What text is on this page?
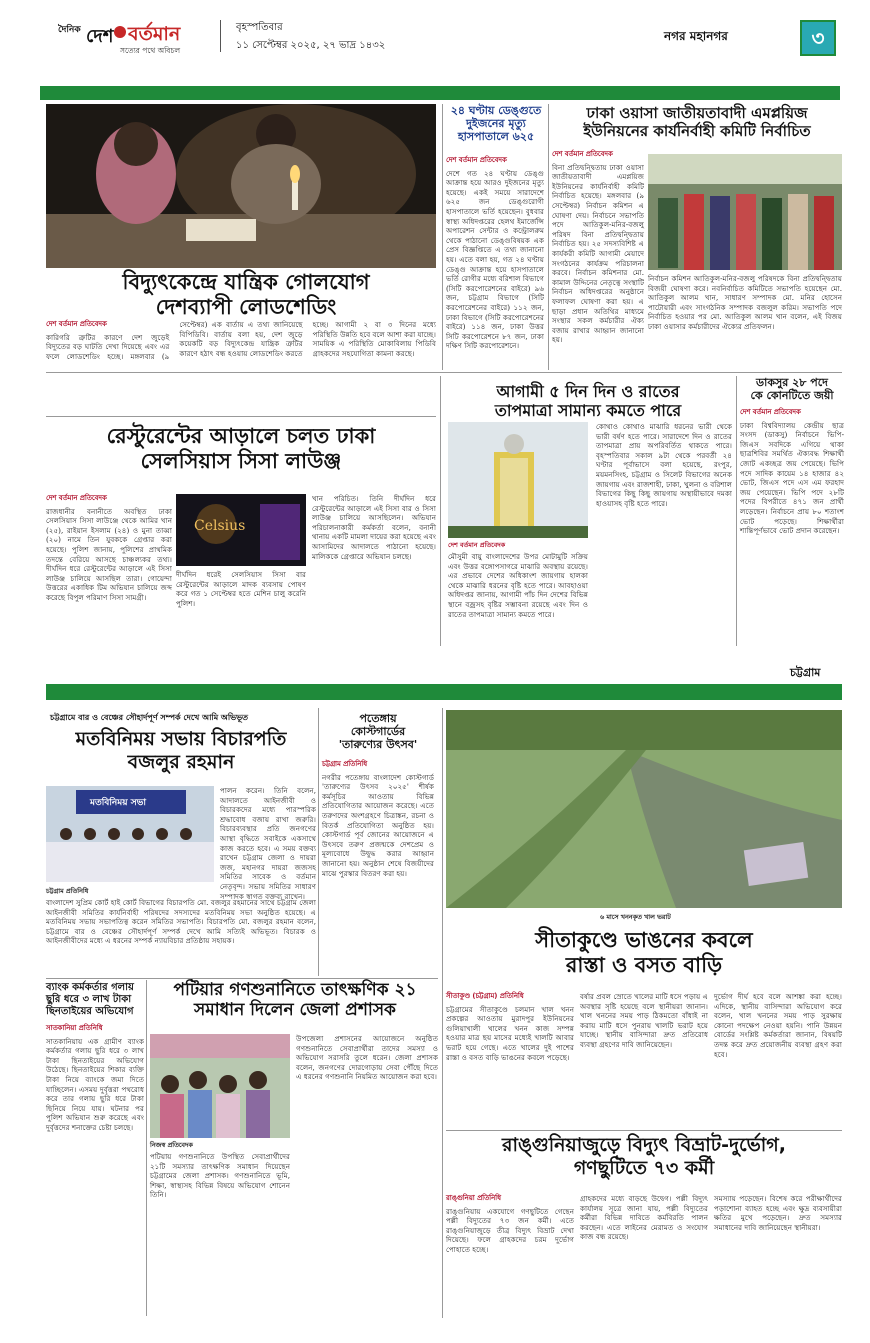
দৈনিক দেশ বর্তমান
সত্যের পথে অবিচল
বৃহস্পতিবার
১১ সেপ্টেম্বর ২০২৫, ২৭ ভাদ্র ১৪৩২
নগর মহানগর	৩
বিদ্যুৎকেন্দ্রে যান্ত্রিক গোলযোগ
দেশব্যাপী লোডশেডিং
দেশ বর্তমান প্রতিবেদক
কারিগরি ত্রুটির কারণে দেশ জুড়েই বিদ্যুতের বড় ঘাটতি দেখা দিয়েছে এবং এর ফলে লোডশেডিং হচ্ছে। মঙ্গলবার (৯ সেপ্টেম্বর) এক বার্তায় এ তথ্য জানিয়েছে বিপিডিবি। বার্তায় বলা হয়, দেশ জুড়ে কয়েকটি বড় বিদ্যুৎকেন্দ্র যান্ত্রিক ত্রুটির কারণে হঠাৎ বন্ধ হওয়ায় লোডশেডিং করতে হচ্ছে। আগামী ২ বা ৩ দিনের মধ্যে পরিস্থিতি উন্নতি হবে বলে আশা করা যাচ্ছে। সাময়িক এ পরিস্থিতি মোকাবিলায় পিডিবি গ্রাহকদের সহযোগিতা কামনা করছে।
২৪ ঘণ্টায় ডেঙ্গুতে
দুইজনের মৃত্যু
হাসপাতালে ৬২৫
দেশ বর্তমান প্রতিবেদক
দেশে গত ২৪ ঘণ্টায় ডেঙ্গু আক্রান্ত হয়ে আরও দুইজনের মৃত্যু হয়েছে। একই সময়ে সারাদেশে ৬২৫ জন ডেঙ্গুরোগী হাসপাতালে ভর্তি হয়েছেন। বুধবার স্বাস্থ্য অধিদপ্তরের হেলথ ইমার্জেন্সি অপারেশন সেন্টার ও কন্ট্রোলরুম থেকে পাঠানো ডেঙ্গুবিষয়ক এক প্রেস বিজ্ঞপ্তিতে এ তথ্য জানানো হয়। এতে বলা হয়, গত ২৪ ঘণ্টায় ডেঙ্গু আক্রান্ত হয়ে হাসপাতালে ভর্তি রোগীর মধ্যে বরিশাল বিভাগে (সিটি করপোরেশনের বাইরে) ৯৬ জন, চট্টগ্রাম বিভাগে (সিটি করপোরেশনের বাইরে) ১১২ জন, ঢাকা বিভাগে (সিটি করপোরেশনের বাইরে) ১১৪ জন, ঢাকা উত্তর সিটি করপোরেশনে ৮৭ জন, ঢাকা দক্ষিণ সিটি করপোরেশনে।
ঢাকা ওয়াসা জাতীয়তাবাদী এমপ্লয়িজ
ইউনিয়নের কার্যনির্বাহী কমিটি নির্বাচিত
দেশ বর্তমান প্রতিবেদক
বিনা প্রতিদ্বন্দ্বিতায় ঢাকা ওয়াসা জাতীয়তাবাদী এমপ্লয়িজ ইউনিয়নের কার্যনির্বাহী কমিটি নির্বাচিত হয়েছে। মঙ্গলবার (৯ সেপ্টেম্বর) নির্বাচন কমিশন এ ঘোষণা দেয়। নির্বাচনে সভাপতি পদে আতিকুল-মনির-বজলু পরিষদ বিনা প্রতিদ্বন্দ্বিতায় নির্বাচিত হয়। ২৫ সদস্যবিশিষ্ট এ কার্যকরী কমিটি আগামী মেয়াদে সংগঠনের কার্যক্রম পরিচালনা করবে। নির্বাচন কমিশনার মো. কামাল উদ্দিনের নেতৃত্বে সংস্থাটি নির্বাচন অধিদপ্তরের অনুষ্ঠানে ফলাফল ঘোষণা করা হয়। এ ছাড়া প্রধান অতিথির মাধ্যমে সংস্থার সকল কর্মচারীর ঐক্য বজায় রাখার আহ্বান জানানো হয়।
নির্বাচন কমিশন আতিকুল-মনির-বজলু পরিষদকে বিনা প্রতিদ্বন্দ্বিতায় বিজয়ী ঘোষণা করে। নবনির্বাচিত কমিটিতে সভাপতি হয়েছেন মো. আতিকুল আলম খান, সাধারণ সম্পাদক মো. মনির হোসেন পাটোয়ারী এবং সাংগঠনিক সম্পাদক বজলুল করিম। সভাপতি পদে নির্বাচিত হওয়ার পর মো. আতিকুল আলম খান বলেন, এই বিজয় ঢাকা ওয়াসার কর্মচারীদের ঐক্যের প্রতিফলন।
রেস্টুরেন্টের আড়ালে চলত ঢাকা
সেলসিয়াস সিসা লাউঞ্জ
দেশ বর্তমান প্রতিবেদক
রাজধানীর বনানীতে অবস্থিত ঢাকা সেলসিয়াস সিসা লাউঞ্জে থেকে আমির খান (২৫), রাইয়ান ইসলাম (২৪) ও মুনা তাব্বা (২০) নামে তিন যুবককে গ্রেপ্তার করা হয়েছে। পুলিশ জানায়, পুলিশের প্রাথমিক তদন্তে বেরিয়ে আসছে চাঞ্চল্যকর তথ্য। দীর্ঘদিন ধরে রেস্টুরেন্টের আড়ালে এই সিসা লাউঞ্জ চালিয়ে আসছিল তারা। গোয়েন্দা উত্তরের একাধিক টিম অভিযান চালিয়ে জব্দ করেছে বিপুল পরিমাণ সিসা সামগ্রী।
Celsius
দীর্ঘদিন ধরেই সেলসিয়াস সিসা বার রেস্টুরেন্টের আড়ালে মাদক ব্যবসায় পোষণ করে গত ১ সেপ্টেম্বর হতে মেশিন চালু করেনি পুলিশ।
খান পরিচিত। তিনি দীর্ঘদিন ধরে রেস্টুরেন্টের আড়ালে এই সিসা বার ও সিসা লাউঞ্জ চালিয়ে আসছিলেন। অভিযান পরিচালনাকারী কর্মকর্তা বলেন, বনানী থানায় একটি মামলা দায়ের করা হয়েছে এবং আসামিদের আদালতে পাঠানো হয়েছে। মালিককে গ্রেপ্তারে অভিযান চলছে।
আগামী ৫ দিন দিন ও রাতের
তাপমাত্রা সামান্য কমতে পারে
দেশ বর্তমান প্রতিবেদক
মৌসুমী বায়ু বাংলাদেশের উপর মোটামুটি সক্রিয় এবং উত্তর বঙ্গোপসাগরে মাঝারি অবস্থায় রয়েছে। এর প্রভাবে দেশের অধিকাংশ জায়গায় হালকা থেকে মাঝারি ধরনের বৃষ্টি হতে পারে। আবহাওয়া অধিদপ্তর জানায়, আগামী পাঁচ দিন দেশের বিভিন্ন স্থানে বজ্রসহ বৃষ্টির সম্ভাবনা রয়েছে এবং দিন ও রাতের তাপমাত্রা সামান্য কমতে পারে।
কোথাও কোথাও মাঝারি ধরনের ভারী থেকে ভারী বর্ষণ হতে পারে। সারাদেশে দিন ও রাতের তাপমাত্রা প্রায় অপরিবর্তিত থাকতে পারে। বৃহস্পতিবার সকাল ৯টা থেকে পরবর্তী ২৪ ঘণ্টার পূর্বাভাসে বলা হয়েছে, রংপুর, ময়মনসিংহ, চট্টগ্রাম ও সিলেট বিভাগের অনেক জায়গায় এবং রাজশাহী, ঢাকা, খুলনা ও বরিশাল বিভাগের কিছু কিছু জায়গায় অস্থায়ীভাবে দমকা হাওয়াসহ বৃষ্টি হতে পারে।
ডাকসুর ২৮ পদে
কে কোনটিতে জয়ী
দেশ বর্তমান প্রতিবেদক
ঢাকা বিশ্ববিদ্যালয় কেন্দ্রীয় ছাত্র সংসদ (ডাকসু) নির্বাচনে ভিপি-জিএস সবদিকে এগিয়ে থাকা ছাত্রশিবির সমর্থিত ঐক্যবদ্ধ শিক্ষার্থী জোট একচ্ছত্র জয় পেয়েছে। ভিপি পদে সাদিক কায়েম ১৪ হাজার ৪২ ভোট, জিএস পদে এস এম ফরহাদ জয় পেয়েছেন। ভিপি পদে ২৮টি পদের বিপরীতে ৪৭১ জন প্রার্থী লড়েছেন। নির্বাচনে প্রায় ৮০ শতাংশ ভোট পড়েছে। শিক্ষার্থীরা শান্তিপূর্ণভাবে ভোট প্রদান করেছেন।
চট্টগ্রাম
চট্টগ্রামে বার ও বেঞ্চের সৌহার্দপূর্ণ সম্পর্ক দেখে আমি অভিভূত
মতবিনিময় সভায় বিচারপতি
বজলুর রহমান
মতবিনিময় সভা
চট্টগ্রাম প্রতিনিধি
বাংলাদেশ সুপ্রিম কোর্ট হাই কোর্ট বিভাগের বিচারপতি মো. বজলুর রহমানের সাথে চট্টগ্রাম জেলা আইনজীবী সমিতির কার্যনির্বাহী পরিষদের সদস্যদের মতবিনিময় সভা অনুষ্ঠিত হয়েছে। এ মতবিনিময় সভায় সভাপতিত্ব করেন সমিতির সভাপতি। বিচারপতি মো. বজলুর রহমান বলেন, চট্টগ্রামে বার ও বেঞ্চের সৌহার্দপূর্ণ সম্পর্ক দেখে আমি সত্যিই অভিভূত। বিচারক ও আইনজীবীদের মধ্যে এ ধরনের সম্পর্ক ন্যায়বিচার প্রতিষ্ঠায় সহায়ক।
পালন করেন। তিনি বলেন, আদালতে আইনজীবী ও বিচারকদের মধ্যে পারস্পরিক শ্রদ্ধাবোধ বজায় রাখা জরুরি। বিচারব্যবস্থার প্রতি জনগণের আস্থা বৃদ্ধিতে সবাইকে একসাথে কাজ করতে হবে। এ সময় বক্তব্য রাখেন চট্টগ্রাম জেলা ও দায়রা জজ, মহানগর দায়রা জজসহ সমিতির সাবেক ও বর্তমান নেতৃবৃন্দ। সভায় সমিতির সাধারণ সম্পাদক স্বাগত বক্তব্য রাখেন।
পতেঙ্গায়
কোস্টগার্ডের
'তারুণ্যের উৎসব'
চট্টগ্রাম প্রতিনিধি
নগরীর পতেঙ্গায় বাংলাদেশ কোস্টগার্ড 'তারুণ্যের উৎসব ২০২৫' শীর্ষক কর্মসূচির আওতায় বিভিন্ন প্রতিযোগিতার আয়োজন করেছে। এতে তরুণদের অংশগ্রহণে চিত্রাঙ্কন, রচনা ও বিতর্ক প্রতিযোগিতা অনুষ্ঠিত হয়। কোস্টগার্ড পূর্ব জোনের আয়োজনে এ উৎসবে তরুণ প্রজন্মকে দেশপ্রেম ও মূল্যবোধে উদ্বুদ্ধ করার আহ্বান জানানো হয়। অনুষ্ঠান শেষে বিজয়ীদের মাঝে পুরস্কার বিতরণ করা হয়।
৬ মাসে খননকৃত খাল ভরাট
সীতাকুণ্ডে ভাঙনের কবলে
রাস্তা ও বসত বাড়ি
সীতাকুণ্ড (চট্টগ্রাম) প্রতিনিধি
চট্টগ্রামের সীতাকুণ্ডে চলমান খাল খনন প্রকল্পের আওতায় মুরাদপুর ইউনিয়নের গুলিয়াখালী খালের খনন কাজ সম্পন্ন হওয়ার মাত্র ছয় মাসের মধ্যেই খালটি আবার ভরাট হয়ে গেছে। এতে খালের দুই পাশের রাস্তা ও বসত বাড়ি ভাঙনের কবলে পড়েছে।
বর্ষার প্রবল স্রোতে খালের মাটি ধসে পড়ায় এ অবস্থার সৃষ্টি হয়েছে বলে স্থানীয়রা জানান। খাল খননের সময় পাড় ঠিকমতো বাঁধাই না করায় মাটি ধসে পুনরায় খালটি ভরাট হয়ে যাচ্ছে। স্থানীয় বাসিন্দারা দ্রুত প্রতিরোধ ব্যবস্থা গ্রহণের দাবি জানিয়েছেন।
দুর্ভোগ দীর্ঘ হবে বলে আশঙ্কা করা হচ্ছে। এদিকে, স্থানীয় বাসিন্দারা অভিযোগ করে বলেন, খাল খননের সময় পাড় সুরক্ষায় কোনো পদক্ষেপ নেওয়া হয়নি। পানি উন্নয়ন বোর্ডের সংশ্লিষ্ট কর্মকর্তারা জানান, বিষয়টি তদন্ত করে দ্রুত প্রয়োজনীয় ব্যবস্থা গ্রহণ করা হবে।
ব্যাংক কর্মকর্তার গলায়
ছুরি ধরে ৩ লাখ টাকা
ছিনতাইয়ের অভিযোগ
সাতকানিয়া প্রতিনিধি
সাতকানিয়ায় এক গ্রামীণ ব্যাংক কর্মকর্তার গলায় ছুরি ধরে ৩ লাখ টাকা ছিনতাইয়ের অভিযোগ উঠেছে। ছিনতাইয়ের শিকার ব্যক্তি টাকা নিয়ে ব্যাংকে জমা দিতে যাচ্ছিলেন। এসময় দুর্বৃত্তরা পথরোধ করে তার গলায় ছুরি ধরে টাকা ছিনিয়ে নিয়ে যায়। ঘটনার পর পুলিশ অভিযান শুরু করেছে এবং দুর্বৃত্তদের শনাক্তের চেষ্টা চলছে।
পটিয়ার গণশুনানিতে তাৎক্ষণিক ২১
সমাধান দিলেন জেলা প্রশাসক
নিজস্ব প্রতিবেদক
পটিয়ায় গণশুনানিতে উপস্থিত সেবাপ্রার্থীদের ২১টি সমস্যার তাৎক্ষণিক সমাধান দিয়েছেন চট্টগ্রামের জেলা প্রশাসক। গণশুনানিতে ভূমি, শিক্ষা, স্বাস্থ্যসহ বিভিন্ন বিষয়ে অভিযোগ শোনেন তিনি।
উপজেলা প্রশাসনের আয়োজনে অনুষ্ঠিত গণশুনানিতে সেবাপ্রার্থীরা তাদের সমস্যা ও অভিযোগ সরাসরি তুলে ধরেন। জেলা প্রশাসক বলেন, জনগণের দোরগোড়ায় সেবা পৌঁছে দিতে এ ধরনের গণশুনানি নিয়মিত আয়োজন করা হবে।
রাঙ্গুনিয়াজুড়ে বিদ্যুৎ বিভ্রাট-দুর্ভোগ,
গণছুটিতে ৭৩ কর্মী
রাঙ্গুনিয়া প্রতিনিধি
রাঙ্গুনিয়ায় একযোগে গণছুটিতে গেছেন পল্লী বিদ্যুতের ৭৩ জন কর্মী। এতে রাঙ্গুনিয়াজুড়ে তীব্র বিদ্যুৎ বিভ্রাট দেখা দিয়েছে। ফলে গ্রাহকদের চরম দুর্ভোগ পোহাতে হচ্ছে।
গ্রাহকদের মধ্যে বাড়ছে উদ্বেগ। পল্লী বিদ্যুৎ কার্যালয় সূত্রে জানা যায়, পল্লী বিদ্যুতের কর্মীরা বিভিন্ন দাবিতে কর্মবিরতি পালন করছেন। এতে লাইনের মেরামত ও সংযোগ কাজ বন্ধ রয়েছে।
সমস্যায় পড়েছেন। বিশেষ করে পরীক্ষার্থীদের পড়াশোনা ব্যাহত হচ্ছে এবং ক্ষুদ্র ব্যবসায়ীরা ক্ষতির মুখে পড়েছেন। দ্রুত সমস্যার সমাধানের দাবি জানিয়েছেন স্থানীয়রা।
